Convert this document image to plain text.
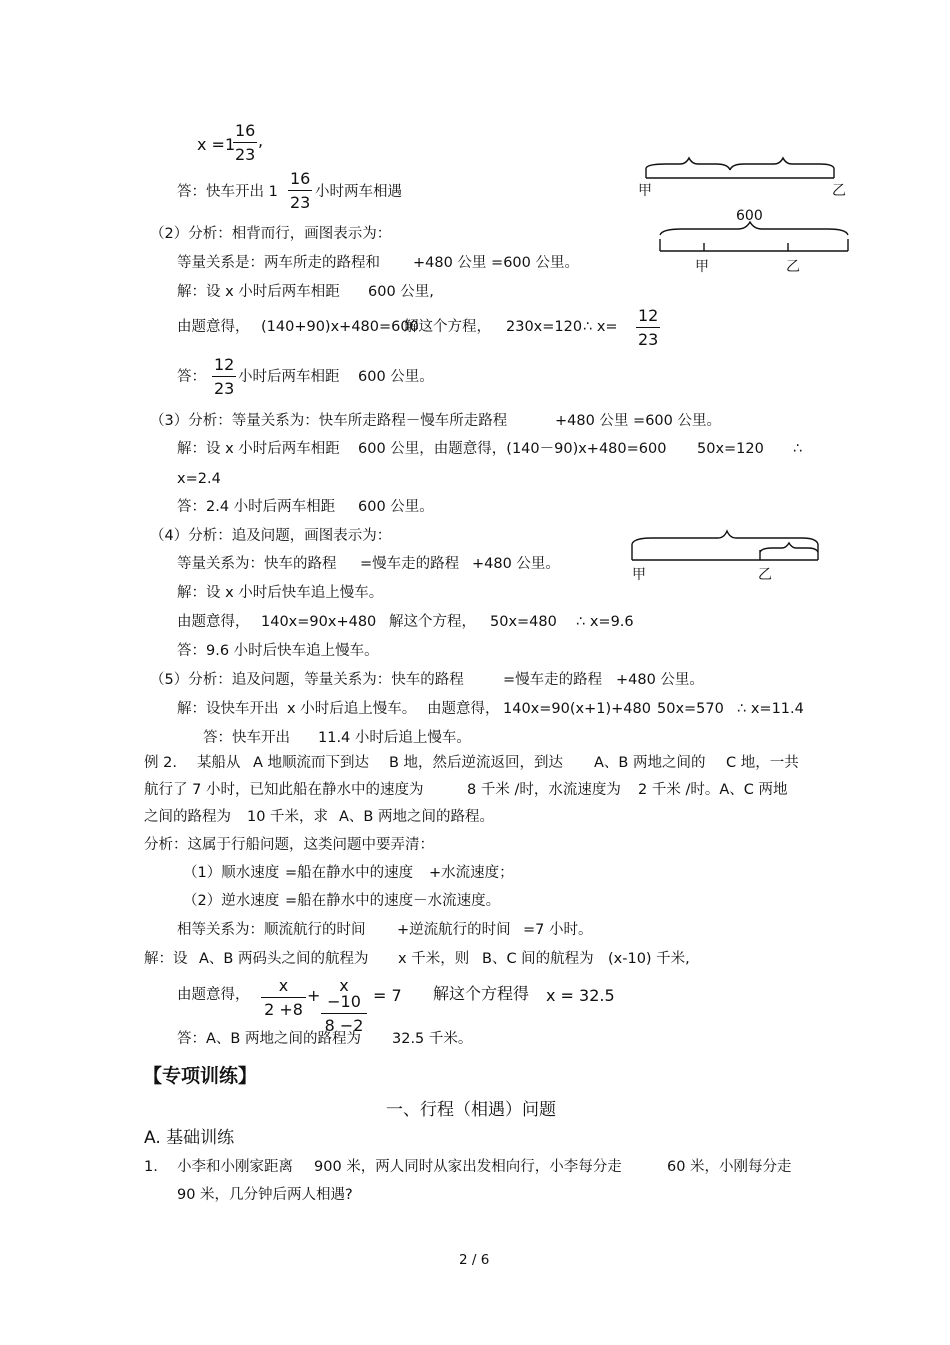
x =1
$\frac{16}{23}$ ,
答：快车开出 $1 \frac{16}{23}$ 小时两车相遇	甲	乙
（2）分析：相背而行，画图表示为：
等量关系是：两车所走的路程和 +480 公里 =600 公里。
解：设 x 小时后两车相距 600 公里,
由题意得， (140+90)x+480=600
解这个方程， 230x=120 ∴ $x= \frac{12}{23}$
答： $\frac{12}{23}$ 小时后两车相距 600 公里。
600
甲	乙
（3）分析：等量关系为：快车所走路程－慢车所走路程	+480 公里 =600 公里。
解：设 x 小时后两车相距 600 公里，由题意得，(140－90)x+480=600 50x=120 ∴
x=2.4
答：2.4 小时后两车相距 600 公里。
（4）分析：追及问题，画图表示为：
等量关系为：快车的路程 =慢车走的路程 +480 公里。
解：设 x 小时后快车追上慢车。
由题意得， 140x=90x+480 解这个方程， 50x=480 ∴ x=9.6
答：9.6 小时后快车追上慢车。
甲	乙
（5）分析：追及问题，等量关系为：快车的路程	=慢车走的路程 +480 公里。
解：设快车开出 x 小时后追上慢车。 由题意得， 140x=90(x+1)+480 50x=570 ∴ x=11.4
答：快车开出 11.4 小时后追上慢车。
例 2. 某船从 A 地顺流而下到达 B 地，然后逆流返回，到达 A、B 两地之间的 C 地，一共
航行了 7 小时，已知此船在静水中的速度为	8 千米 /时，水流速度为 2 千米 /时。A、C 两地
之间的路程为 10 千米，求 A、B 两地之间的路程。
分析：这属于行船问题，这类问题中要弄清：
（1）顺水速度 =船在静水中的速度 +水流速度；
（2）逆水速度 =船在静水中的速度－水流速度。
相等关系为：顺流航行的时间 +逆流航行的时间 =7 小时。
解：设 A、B 两码头之间的航程为 x 千米，则 B、C 间的航程为 (x-10) 千米,
由题意得， $\frac{x}{2 +8} + \frac{x -10}{8 -2} = 7$ 解这个方程得 x = 32.5
答：A、B 两地之间的路程为 32.5 千米。
【专项训练】
一、行程（相遇）问题
A. 基础训练
1. 小李和小刚家距离 900 米，两人同时从家出发相向行，小李每分走	60 米，小刚每分走
90 米，几分钟后两人相遇?
2 / 6
